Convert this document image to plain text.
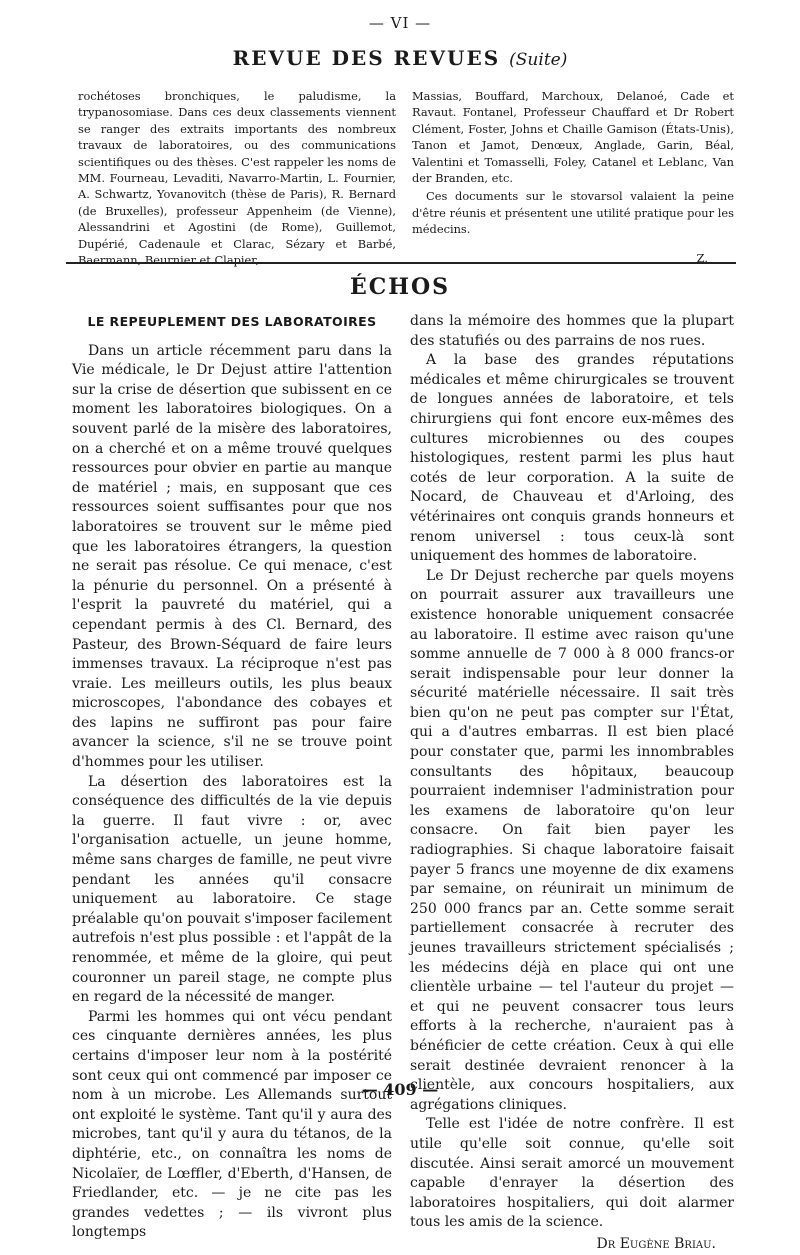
— VI —
REVUE DES REVUES (Suite)

rochétoses bronchiques, le paludisme, la trypanosomiase. Dans ces deux classements viennent se ranger des extraits importants des nombreux travaux de laboratoires, ou des communications scientifiques ou des thèses. C'est rappeler les noms de MM. Fourneau, Levaditi, Navarro-Martin, L. Fournier, A. Schwartz, Yovanovitch (thèse de Paris), R. Bernard (de Bruxelles), professeur Appenheim (de Vienne), Alessandrini et Agostini (de Rome), Guillemot, Dupérié, Cadenaule et Clarac, Sézary et Barbé, Baermann, Beurnier et Clapier,

Massias, Bouffard, Marchoux, Delanoé, Cade et Ravaut. Fontanel, Professeur Chauffard et Dr Robert Clément, Foster, Johns et Chaille Gamison (États-Unis), Tanon et Jamot, Denœux, Anglade, Garin, Béal, Valentini et Tomasselli, Foley, Catanel et Leblanc, Van der Branden, etc.

Ces documents sur le stovarsol valaient la peine d'être réunis et présentent une utilité pratique pour les médecins.

Z.
ÉCHOS
LE REPEUPLEMENT DES LABORATOIRES

Dans un article récemment paru dans la Vie médicale, le Dr Dejust attire l'attention sur la crise de désertion que subissent en ce moment les laboratoires biologiques. On a souvent parlé de la misère des laboratoires, on a cherché et on a même trouvé quelques ressources pour obvier en partie au manque de matériel ; mais, en supposant que ces ressources soient suffisantes pour que nos laboratoires se trouvent sur le même pied que les laboratoires étrangers, la question ne serait pas résolue. Ce qui menace, c'est la pénurie du personnel. On a présenté à l'esprit la pauvreté du matériel, qui a cependant permis à des Cl. Bernard, des Pasteur, des Brown-Séquard de faire leurs immenses travaux. La réciproque n'est pas vraie. Les meilleurs outils, les plus beaux microscopes, l'abondance des cobayes et des lapins ne suffiront pas pour faire avancer la science, s'il ne se trouve point d'hommes pour les utiliser.

La désertion des laboratoires est la conséquence des difficultés de la vie depuis la guerre. Il faut vivre : or, avec l'organisation actuelle, un jeune homme, même sans charges de famille, ne peut vivre pendant les années qu'il consacre uniquement au laboratoire. Ce stage préalable qu'on pouvait s'imposer facilement autrefois n'est plus possible : et l'appât de la renommée, et même de la gloire, qui peut couronner un pareil stage, ne compte plus en regard de la nécessité de manger.

Parmi les hommes qui ont vécu pendant ces cinquante dernières années, les plus certains d'imposer leur nom à la postérité sont ceux qui ont commencé par imposer ce nom à un microbe. Les Allemands surtout ont exploité le système. Tant qu'il y aura des microbes, tant qu'il y aura du tétanos, de la diphtérie, etc., on connaîtra les noms de Nicolaïer, de Lœffler, d'Eberth, d'Hansen, de Friedlander, etc. — je ne cite pas les grandes vedettes ; — ils vivront plus longtemps

dans la mémoire des hommes que la plupart des statufiés ou des parrains de nos rues.

A la base des grandes réputations médicales et même chirurgicales se trouvent de longues années de laboratoire, et tels chirurgiens qui font encore eux-mêmes des cultures microbiennes ou des coupes histologiques, restent parmi les plus haut cotés de leur corporation. A la suite de Nocard, de Chauveau et d'Arloing, des vétérinaires ont conquis grands honneurs et renom universel : tous ceux-là sont uniquement des hommes de laboratoire.

Le Dr Dejust recherche par quels moyens on pourrait assurer aux travailleurs une existence honorable uniquement consacrée au laboratoire. Il estime avec raison qu'une somme annuelle de 7 000 à 8 000 francs-or serait indispensable pour leur donner la sécurité matérielle nécessaire. Il sait très bien qu'on ne peut pas compter sur l'État, qui a d'autres embarras. Il est bien placé pour constater que, parmi les innombrables consultants des hôpitaux, beaucoup pourraient indemniser l'administration pour les examens de laboratoire qu'on leur consacre. On fait bien payer les radiographies. Si chaque laboratoire faisait payer 5 francs une moyenne de dix examens par semaine, on réunirait un minimum de 250 000 francs par an. Cette somme serait partiellement consacrée à recruter des jeunes travailleurs strictement spécialisés ; les médecins déjà en place qui ont une clientèle urbaine — tel l'auteur du projet — et qui ne peuvent consacrer tous leurs efforts à la recherche, n'auraient pas à bénéficier de cette création. Ceux à qui elle serait destinée devraient renoncer à la clientèle, aux concours hospitaliers, aux agrégations cliniques.

Telle est l'idée de notre confrère. Il est utile qu'elle soit connue, qu'elle soit discutée. Ainsi serait amorcé un mouvement capable d'enrayer la désertion des laboratoires hospitaliers, qui doit alarmer tous les amis de la science.

Dr Eugène Briau.
— 409 —
